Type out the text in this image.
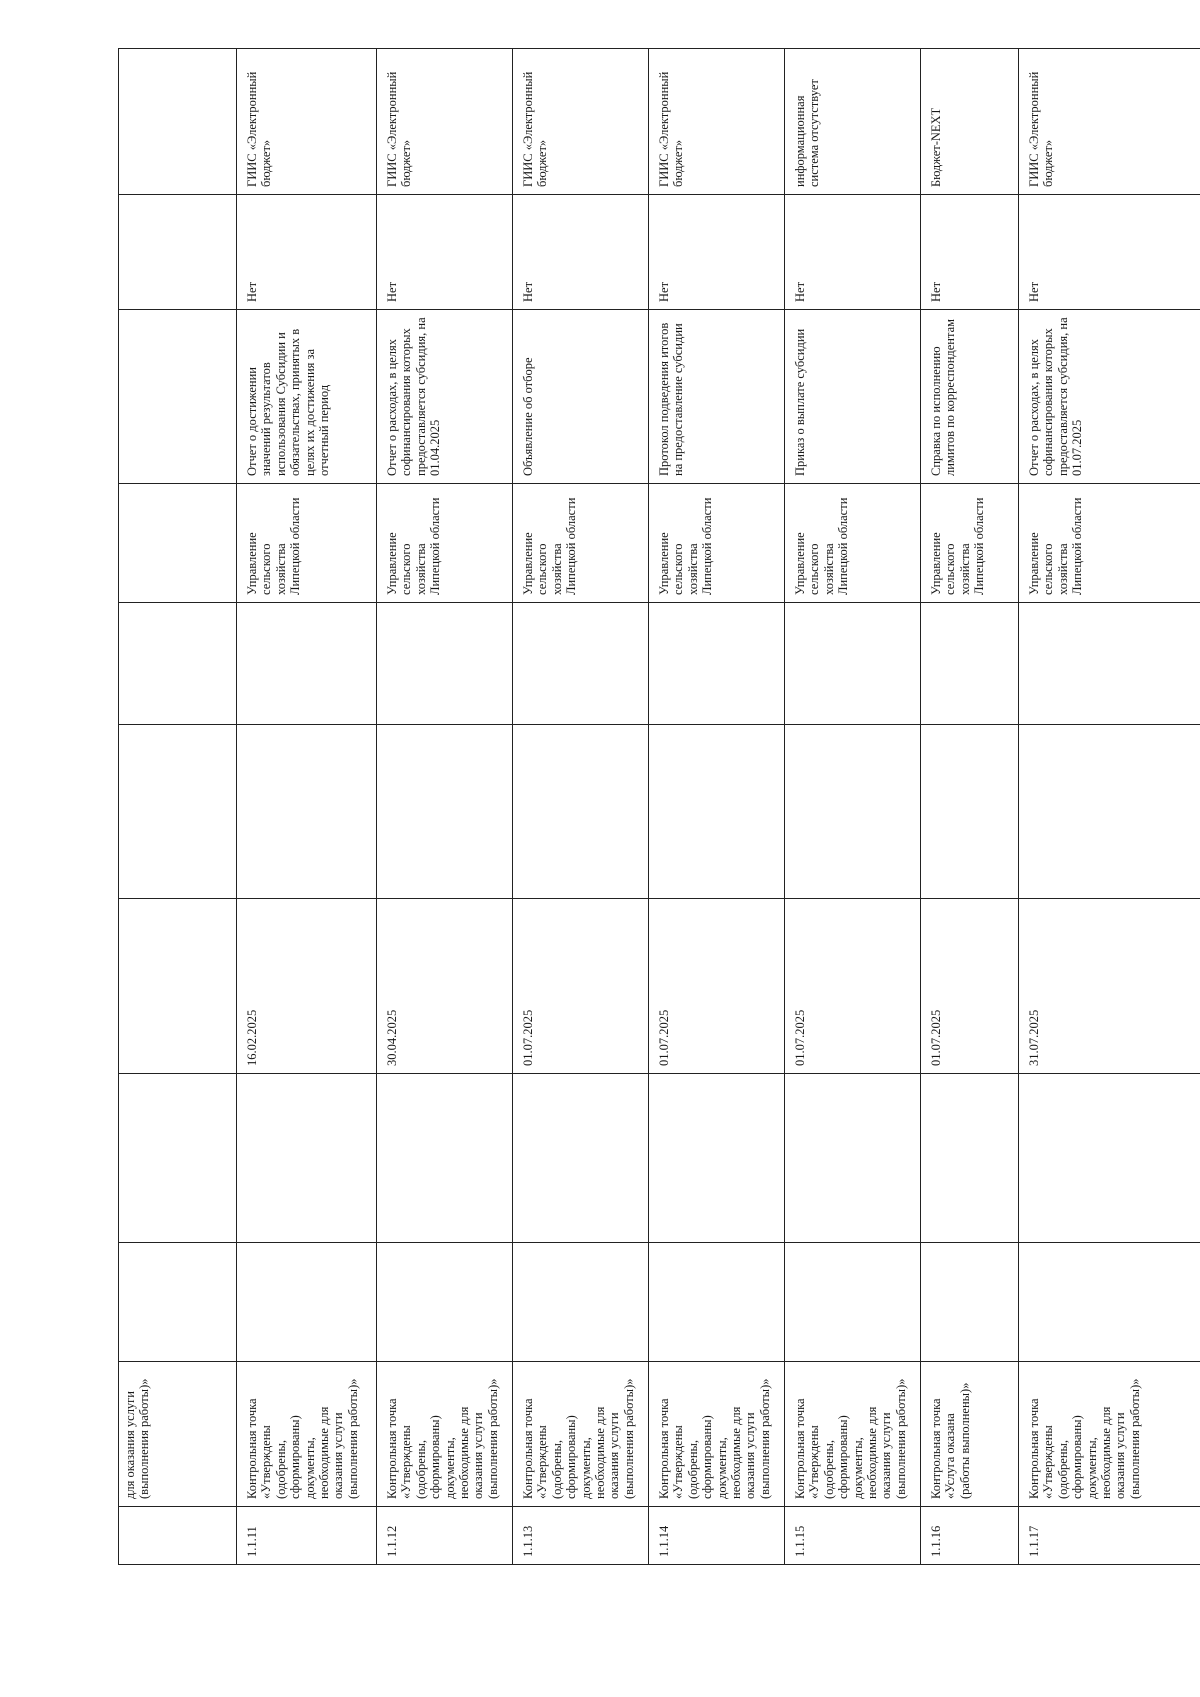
	для оказания услуги (выполнения работы)»									
1.1.11	Контрольная точка «Утверждены (одобрены, сформированы) документы, необходимые для оказания услуги (выполнения работы)»			16.02.2025			Управление сельского хозяйства Липецкой области	Отчет о достижении значений результатов использования Субсидии и обязательствах, принятых в целях их достижения за отчетный период	Нет	ГИИС «Электронный бюджет»
1.1.12	Контрольная точка «Утверждены (одобрены, сформированы) документы, необходимые для оказания услуги (выполнения работы)»			30.04.2025			Управление сельского хозяйства Липецкой области	Отчет о расходах, в целях софинансирования которых предоставляется субсидия, на 01.04.2025	Нет	ГИИС «Электронный бюджет»
1.1.13	Контрольная точка «Утверждены (одобрены, сформированы) документы, необходимые для оказания услуги (выполнения работы)»			01.07.2025			Управление сельского хозяйства Липецкой области	Объявление об отборе	Нет	ГИИС «Электронный бюджет»
1.1.14	Контрольная точка «Утверждены (одобрены, сформированы) документы, необходимые для оказания услуги (выполнения работы)»			01.07.2025			Управление сельского хозяйства Липецкой области	Протокол подведения итогов на предоставление субсидии	Нет	ГИИС «Электронный бюджет»
1.1.15	Контрольная точка «Утверждены (одобрены, сформированы) документы, необходимые для оказания услуги (выполнения работы)»			01.07.2025			Управление сельского хозяйства Липецкой области	Приказ о выплате субсидии	Нет	информационная система отсутствует
1.1.16	Контрольная точка «Услуга оказана (работы выполнены)»			01.07.2025			Управление сельского хозяйства Липецкой области	Справка по исполнению лимитов по корреспондентам	Нет	Бюджет-NEXT
1.1.17	Контрольная точка «Утверждены (одобрены, сформированы) документы, необходимые для оказания услуги (выполнения работы)»			31.07.2025			Управление сельского хозяйства Липецкой области	Отчет о расходах, в целях софинансирования которых предоставляется субсидия, на 01.07.2025	Нет	ГИИС «Электронный бюджет»
